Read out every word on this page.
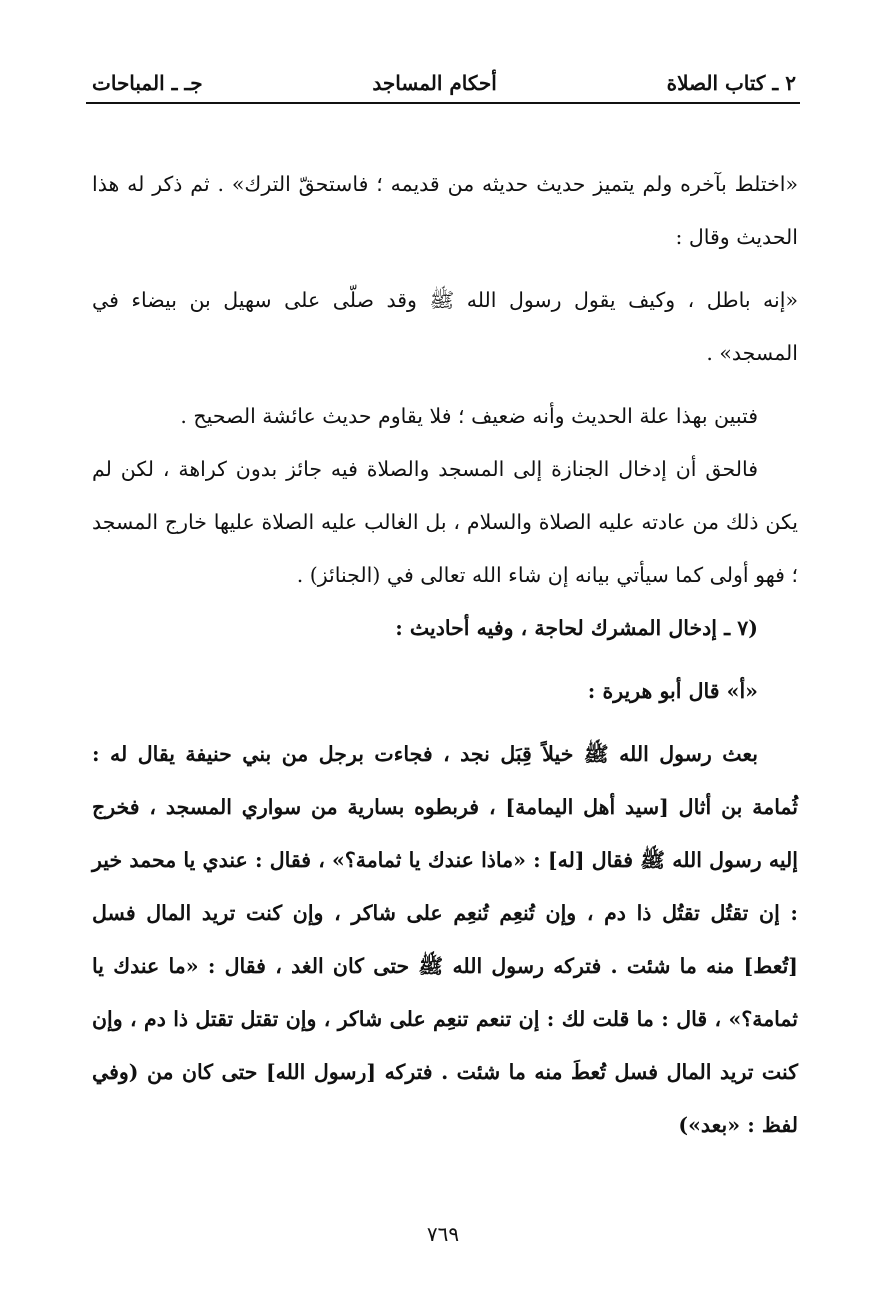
٢ ـ كتاب الصلاة
أحكام المساجد
جـ ـ المباحات

«اختلط بآخره ولم يتميز حديث حديثه من قديمه ؛ فاستحقّ الترك» . ثم ذكر له هذا الحديث وقال :

«إنه باطل ، وكيف يقول رسول الله ﷺ وقد صلّى على سهيل بن بيضاء في المسجد» .

فتبين بهذا علة الحديث وأنه ضعيف ؛ فلا يقاوم حديث عائشة الصحيح .

فالحق أن إدخال الجنازة إلى المسجد والصلاة فيه جائز بدون كراهة ، لكن لم يكن ذلك من عادته عليه الصلاة والسلام ، بل الغالب عليه الصلاة عليها خارج المسجد ؛ فهو أولى كما سيأتي بيانه إن شاء الله تعالى في (الجنائز) .

(٧ ـ إدخال المشرك لحاجة ، وفيه أحاديث :

«أ» قال أبو هريرة :

بعث رسول الله ﷺ خيلاً قِبَل نجد ، فجاءت برجل من بني حنيفة يقال له : ثُمامة بن أثال [سيد أهل اليمامة] ، فربطوه بسارية من سواري المسجد ، فخرج إليه رسول الله ﷺ فقال [له] : «ماذا عندك يا ثمامة؟» ، فقال : عندي يا محمد خير : إن تقتُل تقتُل ذا دم ، وإن تُنعِم تُنعِم على شاكر ، وإن كنت تريد المال فسل [تُعط] منه ما شئت . فتركه رسول الله ﷺ حتى كان الغد ، فقال : «ما عندك يا ثمامة؟» ، قال : ما قلت لك : إن تنعم تنعِم على شاكر ، وإن تقتل تقتل ذا دم ، وإن كنت تريد المال فسل تُعطَ منه ما شئت . فتركه [رسول الله] حتى كان من (وفي لفظ : «بعد»)

٧٦٩
